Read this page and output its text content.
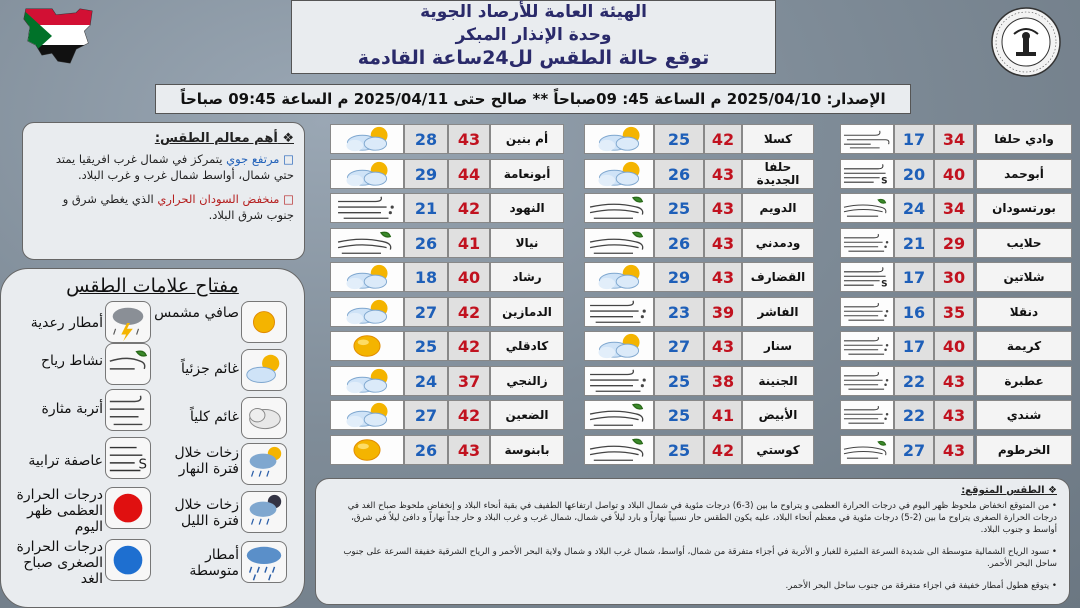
الهيئة العامة للأرصاد الجوية
وحدة الإنذار المبكر
توقع حالة الطقس لل24ساعة القادمة
الإصدار: 2025/04/10 م الساعة 45: 09صباحاً ** صالح حتى 2025/04/11 م الساعة 09:45 صباحاً
❖ أهم معالم الطقس:
□ مرتفع جوي يتمركز في شمال غرب افريقيا يمتد حتي شمال، أواسط شمال غرب و غرب البلاد.
□ منخفض السودان الحراري الذي يغطي شرق و جنوب شرق البلاد.
مفتاح علامات الطقس
صافي مشمس
أمطار رعدية
غائم جزئياً
نشاط رياح
غائم كلياً
أتربة مثارة
زخات خلال فترة النهار
S
عاصفة ترابية
زخات خلال فترة الليل
درجات الحرارة العظمى ظهر اليوم
أمطار متوسطة
درجات الحرارة الصغرى صباح الغد
وادي حلفا
34
17
أبوحمد
40
20
S
بورتسودان
34
24
حلايب
29
21
شلاتين
30
17
S
دنقلا
35
16
كريمة
40
17
عطبرة
43
22
شندي
43
22
الخرطوم
43
27
كسلا
42
25
حلفا الجديدة
43
26
الدويم
43
25
ودمدني
43
26
القضارف
43
29
الفاشر
39
23
سنار
43
27
الجنينة
38
25
الأبيض
41
25
كوستي
42
25
أم بنين
43
28
أبونعامة
44
29
النهود
42
21
نيالا
41
26
رشاد
40
18
الدمازين
42
27
كادقلي
42
25
زالنجي
37
24
الضعين
42
27
بابنوسة
43
26
❖ الطقس المتوقع:
• من المتوقع انخفاض ملحوظ ظهر اليوم في درجات الحرارة العظمى و يتراوح ما بين (3-6) درجات مئوية في شمال البلاد و تواصل ارتفاعها الطفيف في بقية أنحاء البلاد و إنخفاض ملحوظ صباح الغد في درجات الحرارة الصغرى يتراوح ما بين (2-5) درجات مئوية في معظم أنحاء البلاد، عليه يكون الطقس حار نسبياً نهاراً و بارد ليلاً في شمال، شمال غرب و غرب البلاد و حار جداً نهاراً و دافئ ليلاً في شرق، أواسط و جنوب البلاد.
• تسود الرياح الشمالية متوسطة الى شديدة السرعة المثيرة للغبار و الأتربة في أجزاء متفرقة من شمال، أواسط، شمال غرب البلاد و شمال ولاية البحر الأحمر و الرياح الشرقية خفيفة السرعة على جنوب ساحل البحر الأحمر.
• يتوقع هطول أمطار خفيفة في اجزاء متفرقة من جنوب ساحل البحر الأحمر.
